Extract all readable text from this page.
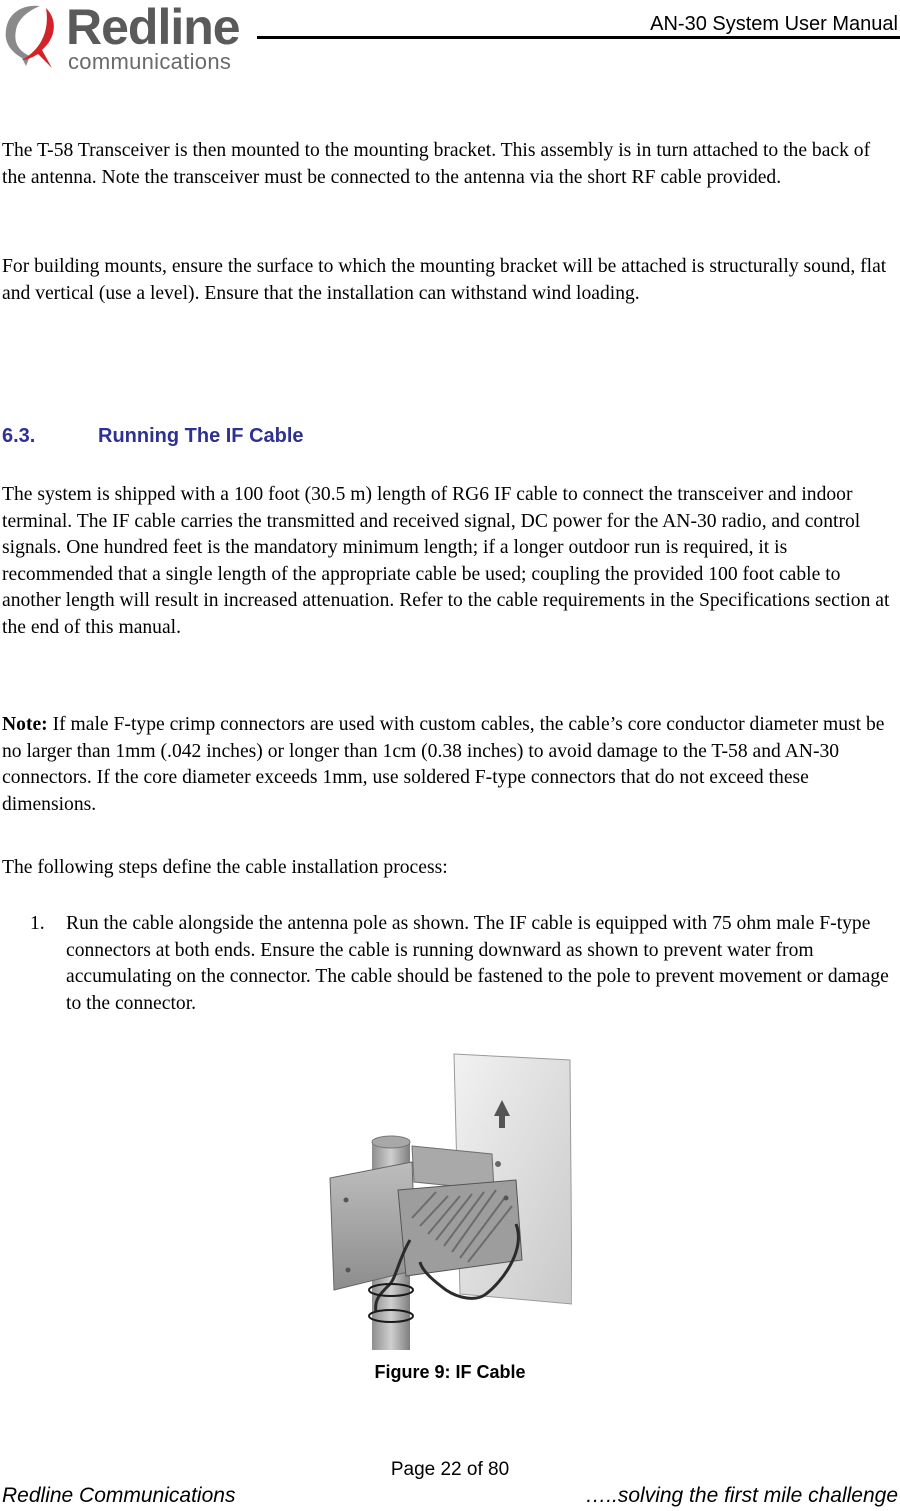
Redline
communications
AN-30 System User Manual

The T-58 Transceiver is then mounted to the mounting bracket. This assembly is in turn attached to the back of the antenna. Note the transceiver must be connected to the antenna via the short RF cable provided.

For building mounts, ensure the surface to which the mounting bracket will be attached is structurally sound, flat and vertical (use a level). Ensure that the installation can withstand wind loading.

6.3.	Running The IF Cable

The system is shipped with a 100 foot (30.5 m) length of RG6 IF cable to connect the transceiver and indoor terminal. The IF cable carries the transmitted and received signal, DC power for the AN-30 radio, and control signals. One hundred feet is the mandatory minimum length; if a longer outdoor run is required, it is recommended that a single length of the appropriate cable be used; coupling the provided 100 foot cable to another length will result in increased attenuation. Refer to the cable requirements in the Specifications section at the end of this manual.

Note: If male F-type crimp connectors are used with custom cables, the cable’s core conductor diameter must be no larger than 1mm (.042 inches) or longer than 1cm (0.38 inches) to avoid damage to the T-58 and AN-30 connectors. If the core diameter exceeds 1mm, use soldered F-type connectors that do not exceed these dimensions.

The following steps define the cable installation process:

1. Run the cable alongside the antenna pole as shown. The IF cable is equipped with 75 ohm male F-type connectors at both ends. Ensure the cable is running downward as shown to prevent water from accumulating on the connector. The cable should be fastened to the pole to prevent movement or damage to the connector.
Figure 9: IF Cable
Page 22 of 80
Redline Communications	…..solving the first mile challenge
